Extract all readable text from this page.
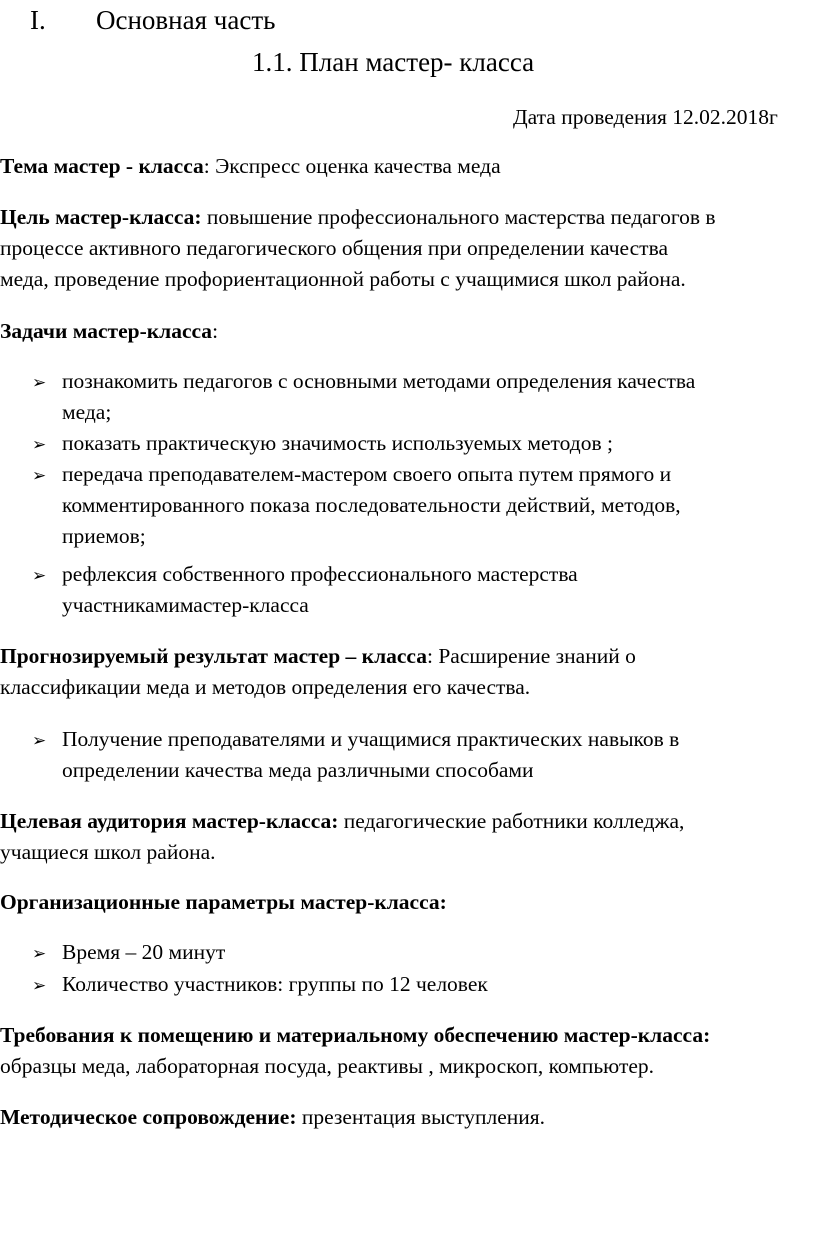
I. Основная часть
1.1. План мастер- класса
Дата проведения 12.02.2018г
Тема мастер - класса: Экспресс оценка качества меда
Цель мастер-класса: повышение профессионального мастерства педагогов в
процессе активного педагогического общения при определении качества
меда, проведение профориентационной работы с учащимися школ района.
Задачи мастер-класса:
➢ познакомить педагогов с основными методами определения качества
меда;
➢ показать практическую значимость используемых методов ;
➢ передача преподавателем-мастером своего опыта путем прямого и
комментированного показа последовательности действий, методов,
приемов;
➢ рефлексия собственного профессионального мастерства
участникамимастер-класса
Прогнозируемый результат мастер – класса: Расширение знаний о
классификации меда и методов определения его качества.
➢ Получение преподавателями и учащимися практических навыков в
определении качества меда различными способами
Целевая аудитория мастер-класса: педагогические работники колледжа,
учащиеся школ района.
Организационные параметры мастер-класса:
➢ Время – 20 минут
➢ Количество участников: группы по 12 человек
Требования к помещению и материальному обеспечению мастер-класса:
образцы меда, лабораторная посуда, реактивы , микроскоп, компьютер.
Методическое сопровождение: презентация выступления.
